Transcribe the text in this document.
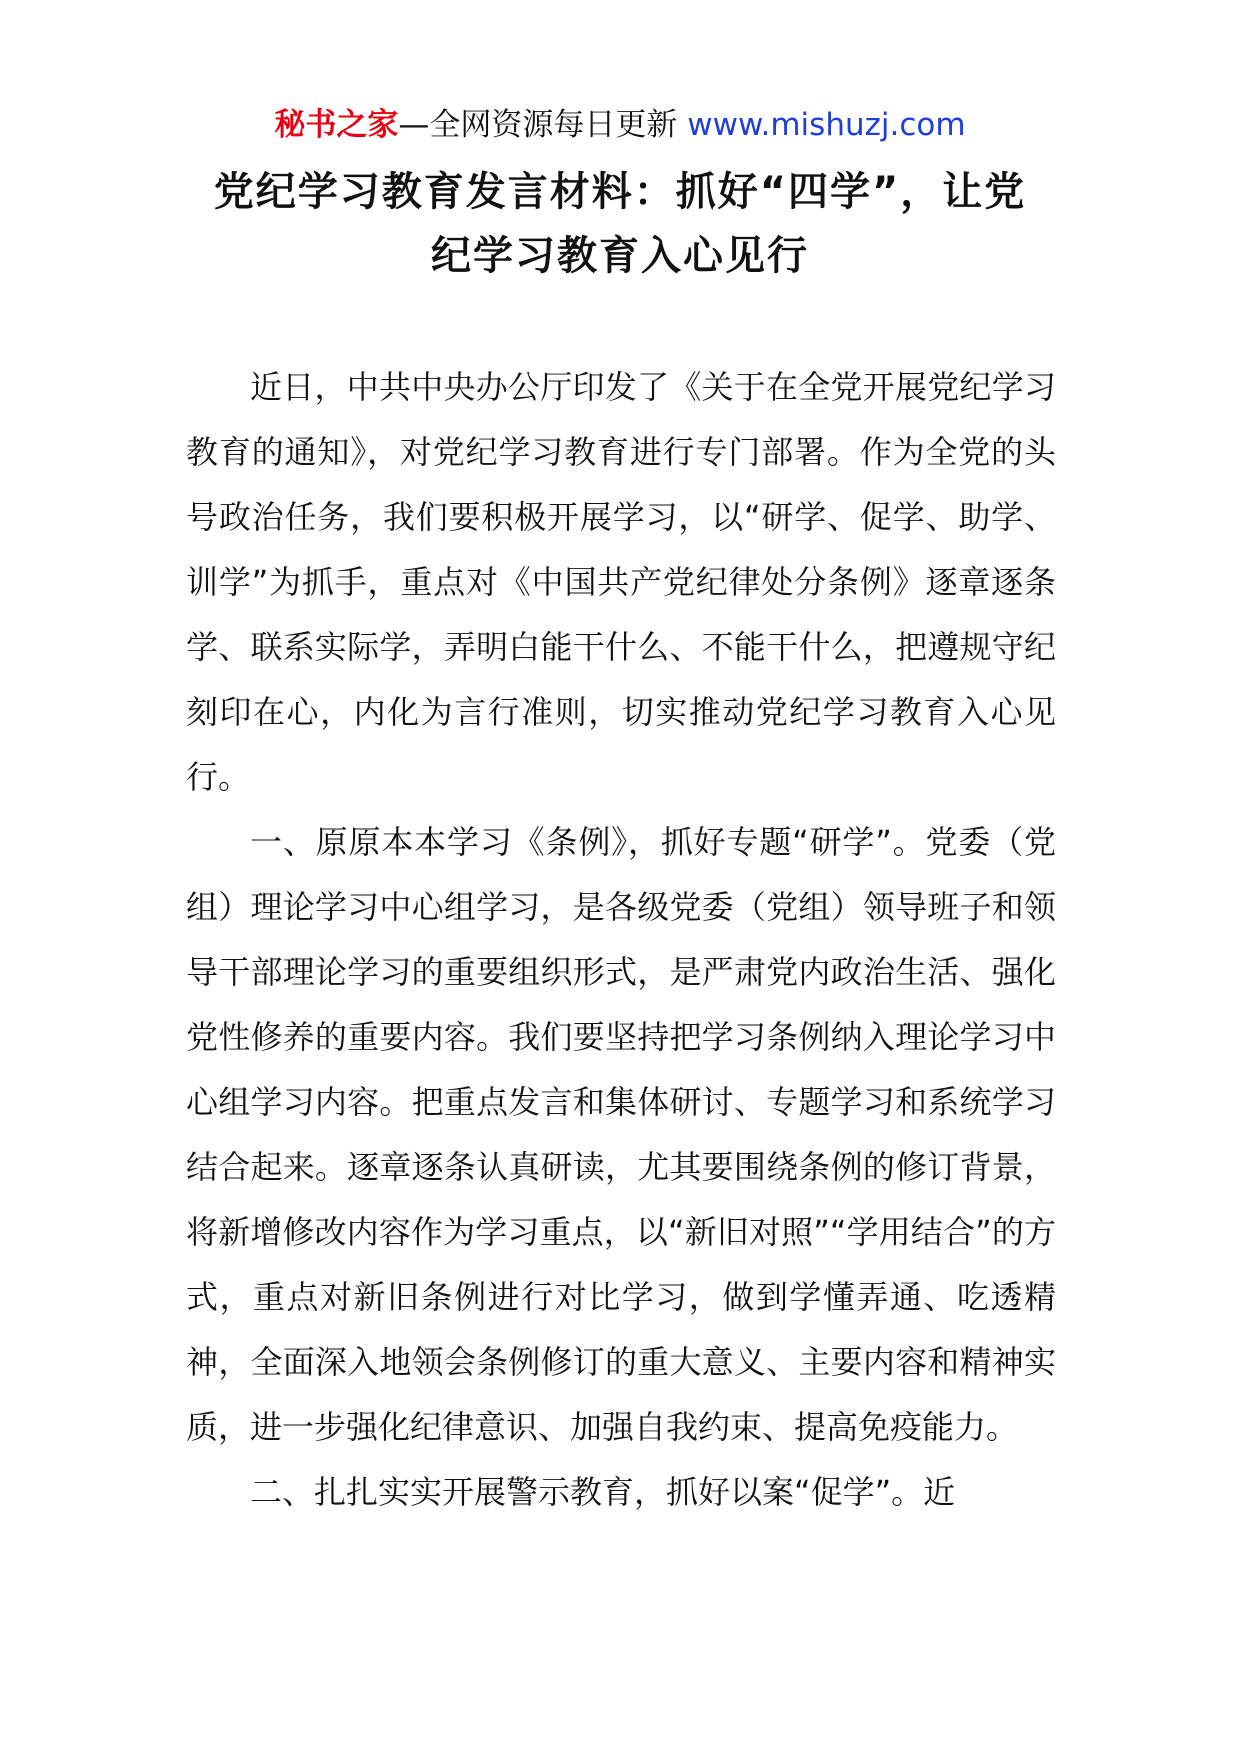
秘书之家—全网资源每日更新 www.mishuzj.com
党纪学习教育发言材料：抓好“四学”，让党
纪学习教育入心见行

近日，中共中央办公厅印发了《关于在全党开展党纪学习教育的通知》，对党纪学习教育进行专门部署。作为全党的头号政治任务，我们要积极开展学习，以“研学、促学、助学、训学”为抓手，重点对《中国共产党纪律处分条例》逐章逐条学、联系实际学，弄明白能干什么、不能干什么，把遵规守纪刻印在心，内化为言行准则，切实推动党纪学习教育入心见行。

一、原原本本学习《条例》，抓好专题“研学”。党委（党组）理论学习中心组学习，是各级党委（党组）领导班子和领导干部理论学习的重要组织形式，是严肃党内政治生活、强化党性修养的重要内容。我们要坚持把学习条例纳入理论学习中心组学习内容。把重点发言和集体研讨、专题学习和系统学习结合起来。逐章逐条认真研读，尤其要围绕条例的修订背景，将新增修改内容作为学习重点，以“新旧对照”“学用结合”的方式，重点对新旧条例进行对比学习，做到学懂弄通、吃透精神，全面深入地领会条例修订的重大意义、主要内容和精神实质，进一步强化纪律意识、加强自我约束、提高免疫能力。

二、扎扎实实开展警示教育，抓好以案“促学”。近
